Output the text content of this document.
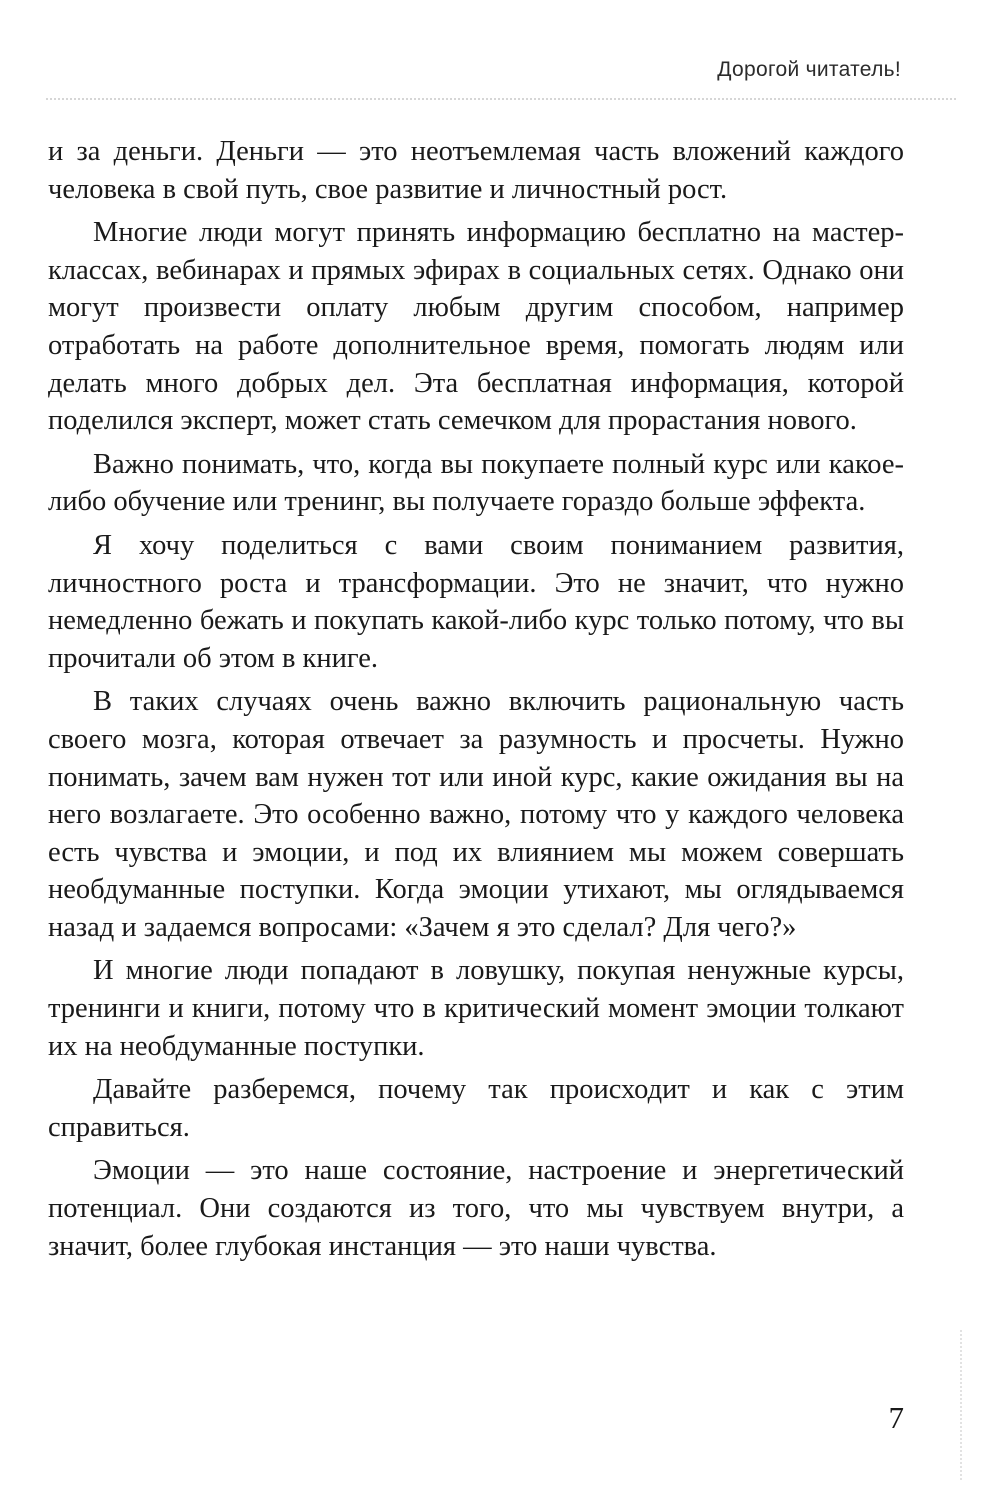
Дорогой читатель!

и за деньги. Деньги — это неотъемлемая часть вложений каждого человека в свой путь, свое развитие и личностный рост.

Многие люди могут принять информацию бесплатно на мастер-классах, вебинарах и прямых эфирах в социальных сетях. Однако они могут произвести оплату любым другим способом, например отработать на работе дополнительное время, помогать людям или делать много добрых дел. Эта бесплатная информация, которой поделился эксперт, может стать семечком для прорастания нового.

Важно понимать, что, когда вы покупаете полный курс или какое-либо обучение или тренинг, вы получаете гораздо больше эффекта.

Я хочу поделиться с вами своим пониманием развития, личностного роста и трансформации. Это не значит, что нужно немедленно бежать и покупать какой-либо курс только потому, что вы прочитали об этом в книге.

В таких случаях очень важно включить рациональную часть своего мозга, которая отвечает за разумность и просчеты. Нужно понимать, зачем вам нужен тот или иной курс, какие ожидания вы на него возлагаете. Это особенно важно, потому что у каждого человека есть чувства и эмоции, и под их влиянием мы можем совершать необдуманные поступки. Когда эмоции утихают, мы оглядываемся назад и задаемся вопросами: «Зачем я это сделал? Для чего?»

И многие люди попадают в ловушку, покупая ненужные курсы, тренинги и книги, потому что в критический момент эмоции толкают их на необдуманные поступки.

Давайте разберемся, почему так происходит и как с этим справиться.

Эмоции — это наше состояние, настроение и энергетический потенциал. Они создаются из того, что мы чувствуем внутри, а значит, более глубокая инстанция — это наши чувства.

7
